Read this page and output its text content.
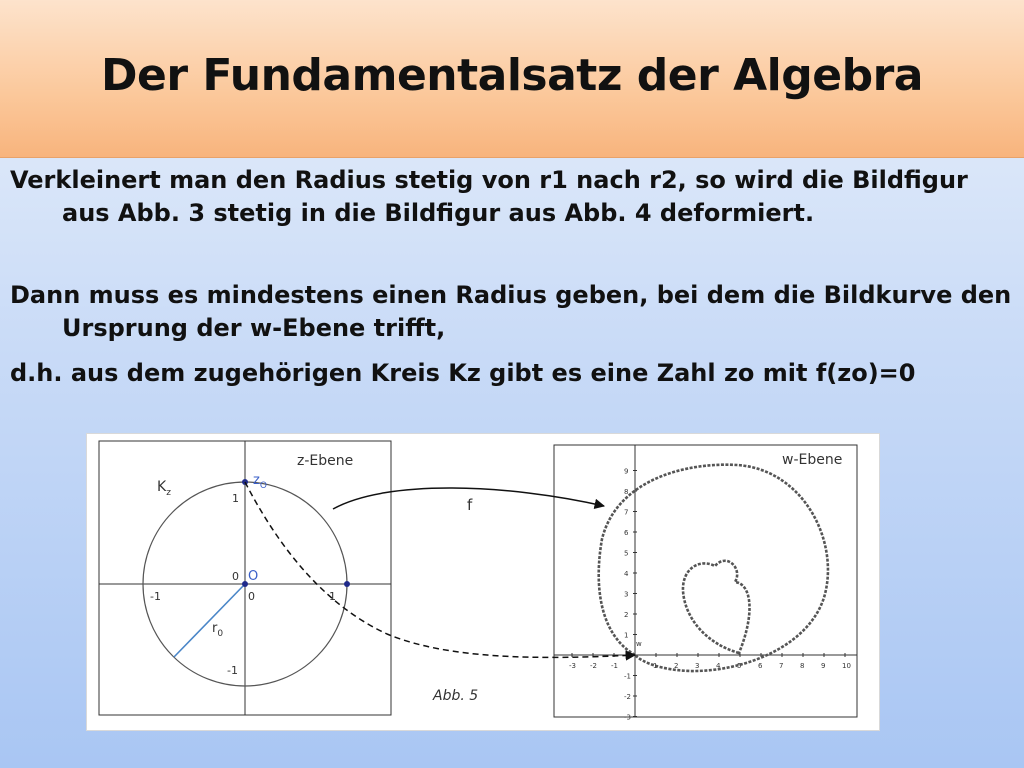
Der Fundamentalsatz der Algebra
Verkleinert man den Radius stetig von r1 nach r2, so wird die Bildfigur aus Abb. 3 stetig in die Bildfigur aus Abb. 4 deformiert.
Dann muss es mindestens einen Radius geben, bei dem die Bildkurve den Ursprung der w-Ebene trifft,
d.h. aus dem zugehörigen Kreis Kz gibt es eine Zahl zo mit f(zo)=0
z-Ebene
$K_z$
$z_O$
O
$r_0$
-1	0	1
1
0
-1
Abb. 5
w-Ebene
w
-3 -2 -1	1 2 3 4 5 6 7 8 9 10
9
8
7
6
5
4
3
2
1
-1
-2
-3
f
